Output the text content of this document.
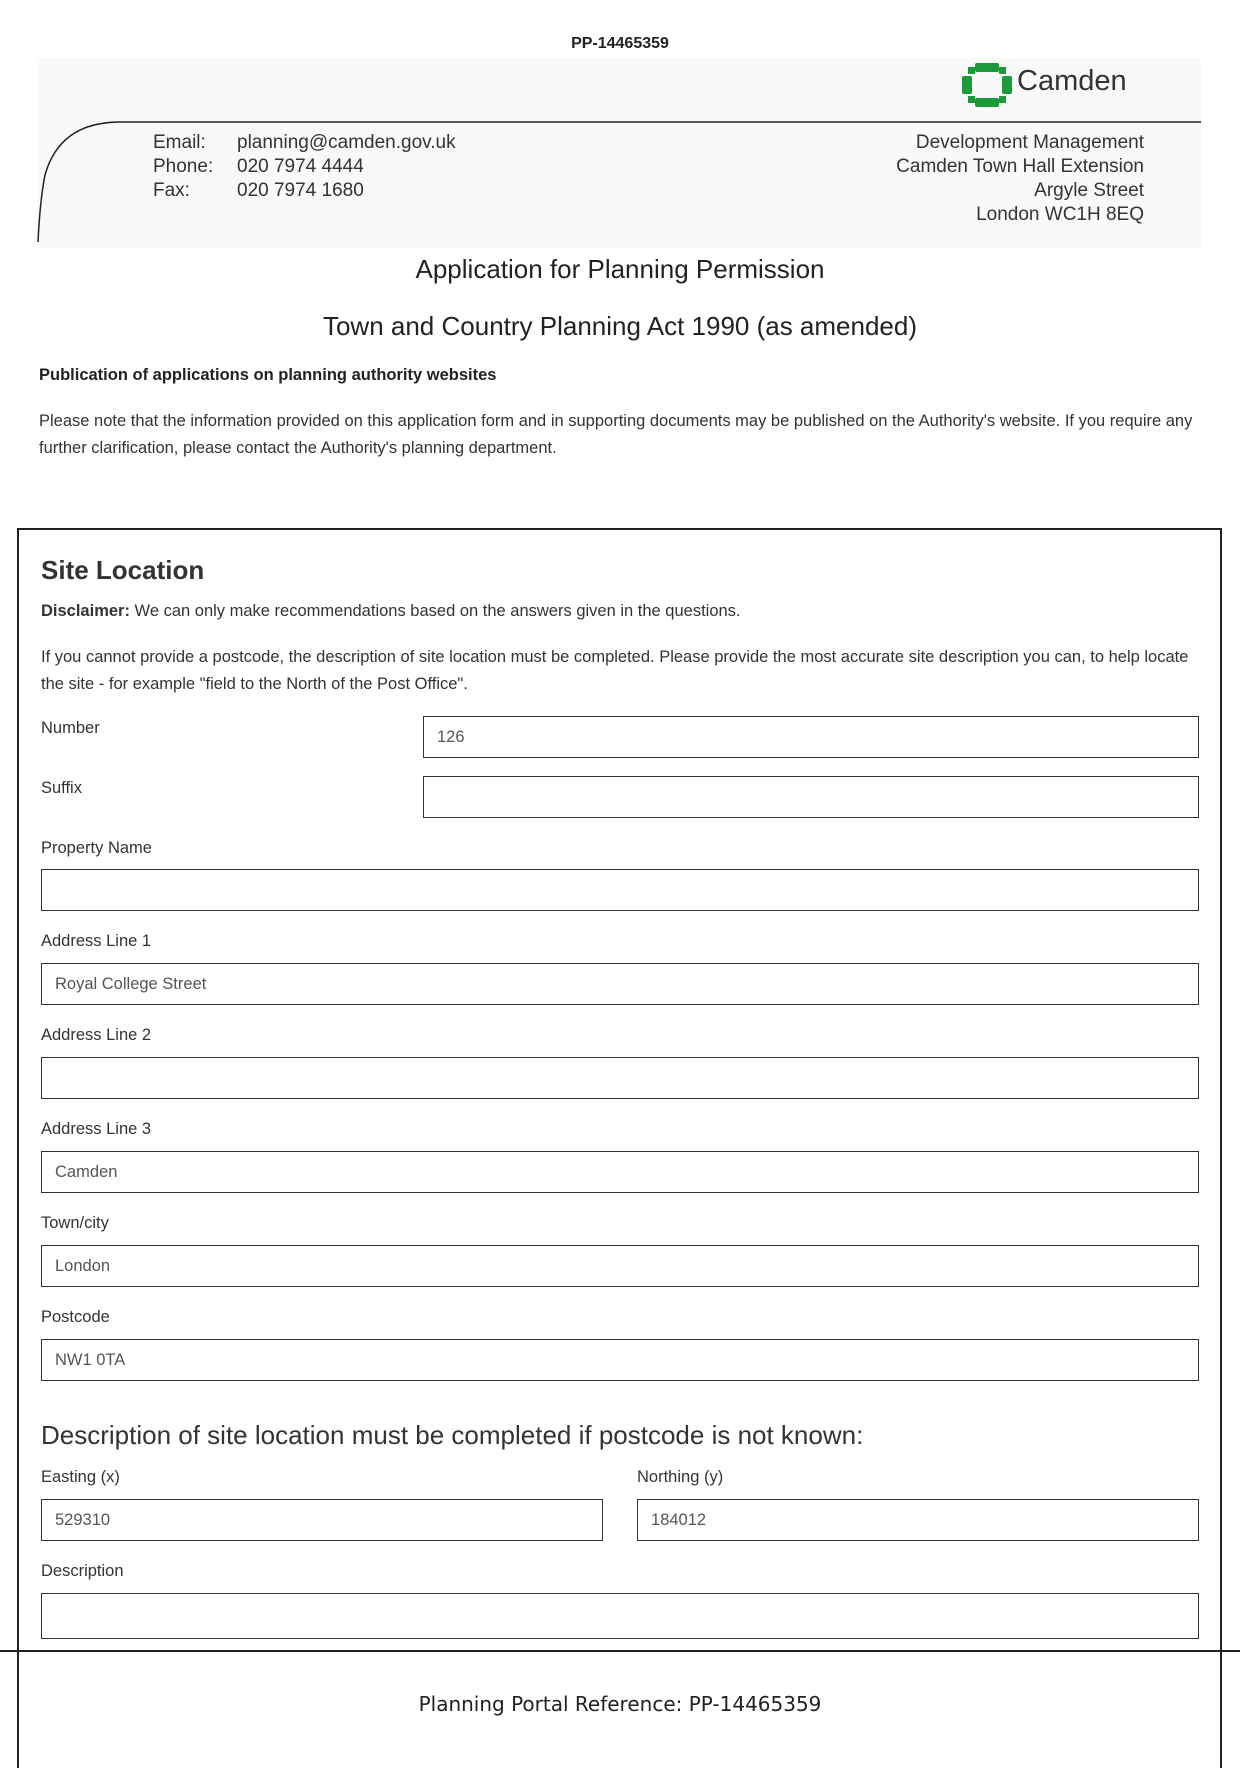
PP-14465359
Camden
Email:
Phone:
Fax:
planning@camden.gov.uk
020 7974 4444
020 7974 1680
Development Management
Camden Town Hall Extension
Argyle Street
London WC1H 8EQ
Application for Planning Permission
Town and Country Planning Act 1990 (as amended)
Publication of applications on planning authority websites
Please note that the information provided on this application form and in supporting documents may be published on the Authority's website. If you require any further clarification, please contact the Authority's planning department.
Site Location
Disclaimer: We can only make recommendations based on the answers given in the questions.
If you cannot provide a postcode, the description of site location must be completed. Please provide the most accurate site description you can, to help locate the site - for example "field to the North of the Post Office".
Number
126
Suffix
Property Name
Address Line 1
Royal College Street
Address Line 2
Address Line 3
Camden
Town/city
London
Postcode
NW1 0TA
Description of site location must be completed if postcode is not known:
Easting (x)
529310	Northing (y)
184012
Description
Planning Portal Reference: PP-14465359
